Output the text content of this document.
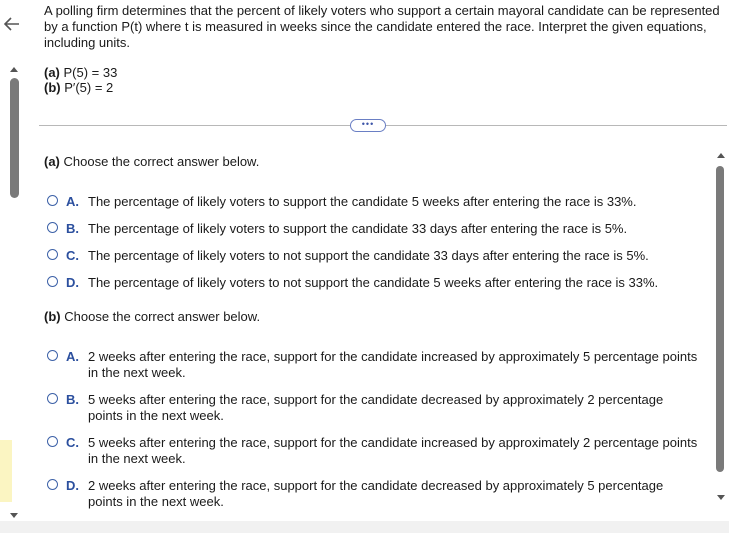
A polling firm determines that the percent of likely voters who support a certain mayoral candidate can be represented by a function P(t) where t is measured in weeks since the candidate entered the race. Interpret the given equations, including units.
(a) P(5) = 33
(b) P′(5) = 2
•••
(a) Choose the correct answer below.
A. The percentage of likely voters to support the candidate 5 weeks after entering the race is 33%.
B. The percentage of likely voters to support the candidate 33 days after entering the race is 5%.
C. The percentage of likely voters to not support the candidate 33 days after entering the race is 5%.
D. The percentage of likely voters to not support the candidate 5 weeks after entering the race is 33%.
(b) Choose the correct answer below.
A. 2 weeks after entering the race, support for the candidate increased by approximately 5 percentage points in the next week.
B. 5 weeks after entering the race, support for the candidate decreased by approximately 2 percentage points in the next week.
C. 5 weeks after entering the race, support for the candidate increased by approximately 2 percentage points in the next week.
D. 2 weeks after entering the race, support for the candidate decreased by approximately 5 percentage points in the next week.
